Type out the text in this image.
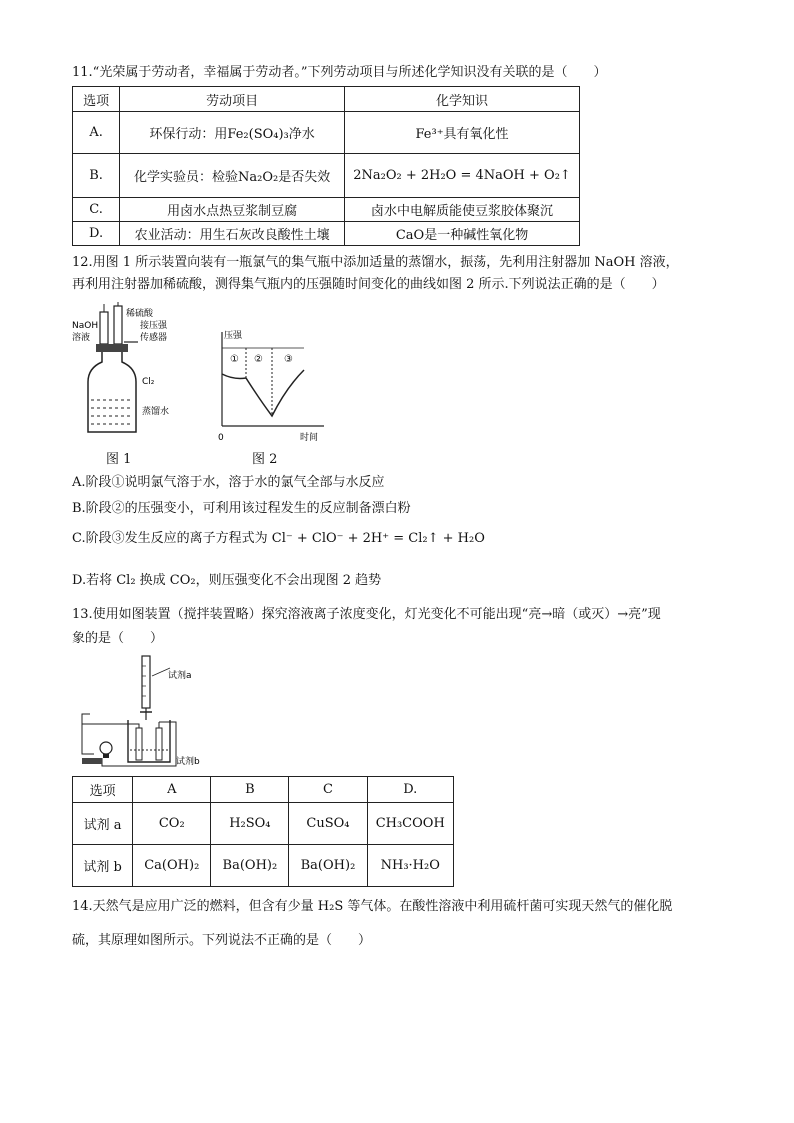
11.“光荣属于劳动者，幸福属于劳动者。”下列劳动项目与所述化学知识没有关联的是（　　）
选项	劳动项目	化学知识
A.	环保行动：用Fe₂(SO₄)₃净水	Fe³⁺具有氧化性
B.	化学实验员：检验Na₂O₂是否失效	2Na₂O₂ + 2H₂O = 4NaOH + O₂↑
C.	用卤水点热豆浆制豆腐	卤水中电解质能使豆浆胶体聚沉
D.	农业活动：用生石灰改良酸性土壤	CaO是一种碱性氧化物
12.用图 1 所示装置向装有一瓶氯气的集气瓶中添加适量的蒸馏水，振荡，先利用注射器加 NaOH 溶液，
再利用注射器加稀硫酸，测得集气瓶内的压强随时间变化的曲线如图 2 所示.下列说法正确的是（　　）
NaOH
溶液
稀硫酸
接压强
传感器
Cl₂
蒸馏水
图 1
压强
① ② ③
0	时间
图 2
A.阶段①说明氯气溶于水，溶于水的氯气全部与水反应
B.阶段②的压强变小，可利用该过程发生的反应制备漂白粉
C.阶段③发生反应的离子方程式为 Cl⁻ + ClO⁻ + 2H⁺ = Cl₂↑ + H₂O
D.若将 Cl₂ 换成 CO₂，则压强变化不会出现图 2 趋势
13.使用如图装置（搅拌装置略）探究溶液离子浓度变化，灯光变化不可能出现“亮→暗（或灭）→亮”现
象的是（　　）
试剂a
试剂b
选项	A	B	C	D.
试剂 a	CO₂	H₂SO₄	CuSO₄	CH₃COOH
试剂 b	Ca(OH)₂	Ba(OH)₂	Ba(OH)₂	NH₃·H₂O
14.天然气是应用广泛的燃料，但含有少量 H₂S 等气体。在酸性溶液中利用硫杆菌可实现天然气的催化脱
硫，其原理如图所示。下列说法不正确的是（　　）
